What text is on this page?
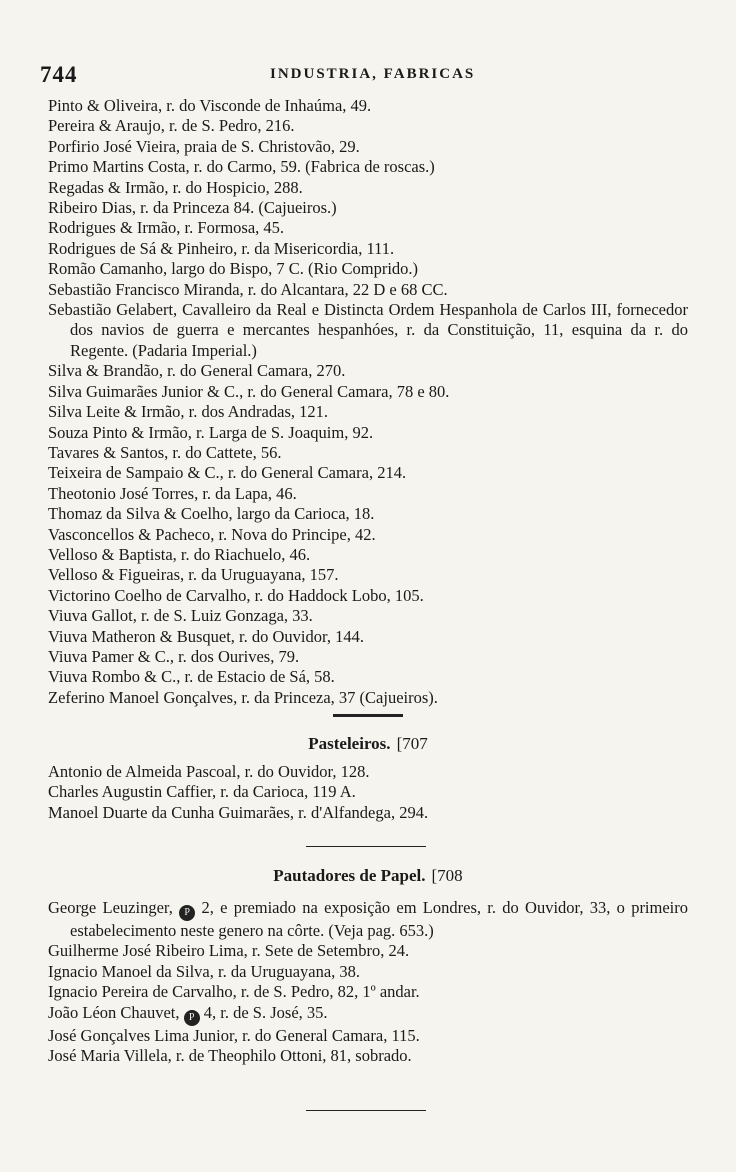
744	INDUSTRIA, FABRICAS
Pinto & Oliveira, r. do Visconde de Inhaúma, 49.
Pereira & Araujo, r. de S. Pedro, 216.
Porfirio José Vieira, praia de S. Christovão, 29.
Primo Martins Costa, r. do Carmo, 59. (Fabrica de roscas.)
Regadas & Irmão, r. do Hospicio, 288.
Ribeiro Dias, r. da Princeza 84. (Cajueiros.)
Rodrigues & Irmão, r. Formosa, 45.
Rodrigues de Sá & Pinheiro, r. da Misericordia, 111.
Romão Camanho, largo do Bispo, 7 C. (Rio Comprido.)
Sebastião Francisco Miranda, r. do Alcantara, 22 D e 68 CC.
Sebastião Gelabert, Cavalleiro da Real e Distincta Ordem Hespanhola de Carlos III, fornecedor dos navios de guerra e mercantes hespanhóes, r. da Constituição, 11, esquina da r. do Regente. (Padaria Imperial.)
Silva & Brandão, r. do General Camara, 270.
Silva Guimarães Junior & C., r. do General Camara, 78 e 80.
Silva Leite & Irmão, r. dos Andradas, 121.
Souza Pinto & Irmão, r. Larga de S. Joaquim, 92.
Tavares & Santos, r. do Cattete, 56.
Teixeira de Sampaio & C., r. do General Camara, 214.
Theotonio José Torres, r. da Lapa, 46.
Thomaz da Silva & Coelho, largo da Carioca, 18.
Vasconcellos & Pacheco, r. Nova do Principe, 42.
Velloso & Baptista, r. do Riachuelo, 46.
Velloso & Figueiras, r. da Uruguayana, 157.
Victorino Coelho de Carvalho, r. do Haddock Lobo, 105.
Viuva Gallot, r. de S. Luiz Gonzaga, 33.
Viuva Matheron & Busquet, r. do Ouvidor, 144.
Viuva Pamer & C., r. dos Ourives, 79.
Viuva Rombo & C., r. de Estacio de Sá, 58.
Zeferino Manoel Gonçalves, r. da Princeza, 37 (Cajueiros).
Pasteleiros. [707
Antonio de Almeida Pascoal, r. do Ouvidor, 128.
Charles Augustin Caffier, r. da Carioca, 119 A.
Manoel Duarte da Cunha Guimarães, r. d'Alfandega, 294.
Pautadores de Papel. [708
George Leuzinger, P 2, e premiado na exposição em Londres, r. do Ouvidor, 33, o primeiro estabelecimento neste genero na côrte. (Veja pag. 653.)
Guilherme José Ribeiro Lima, r. Sete de Setembro, 24.
Ignacio Manoel da Silva, r. da Uruguayana, 38.
Ignacio Pereira de Carvalho, r. de S. Pedro, 82, 1º andar.
João Léon Chauvet, P 4, r. de S. José, 35.
José Gonçalves Lima Junior, r. do General Camara, 115.
José Maria Villela, r. de Theophilo Ottoni, 81, sobrado.
